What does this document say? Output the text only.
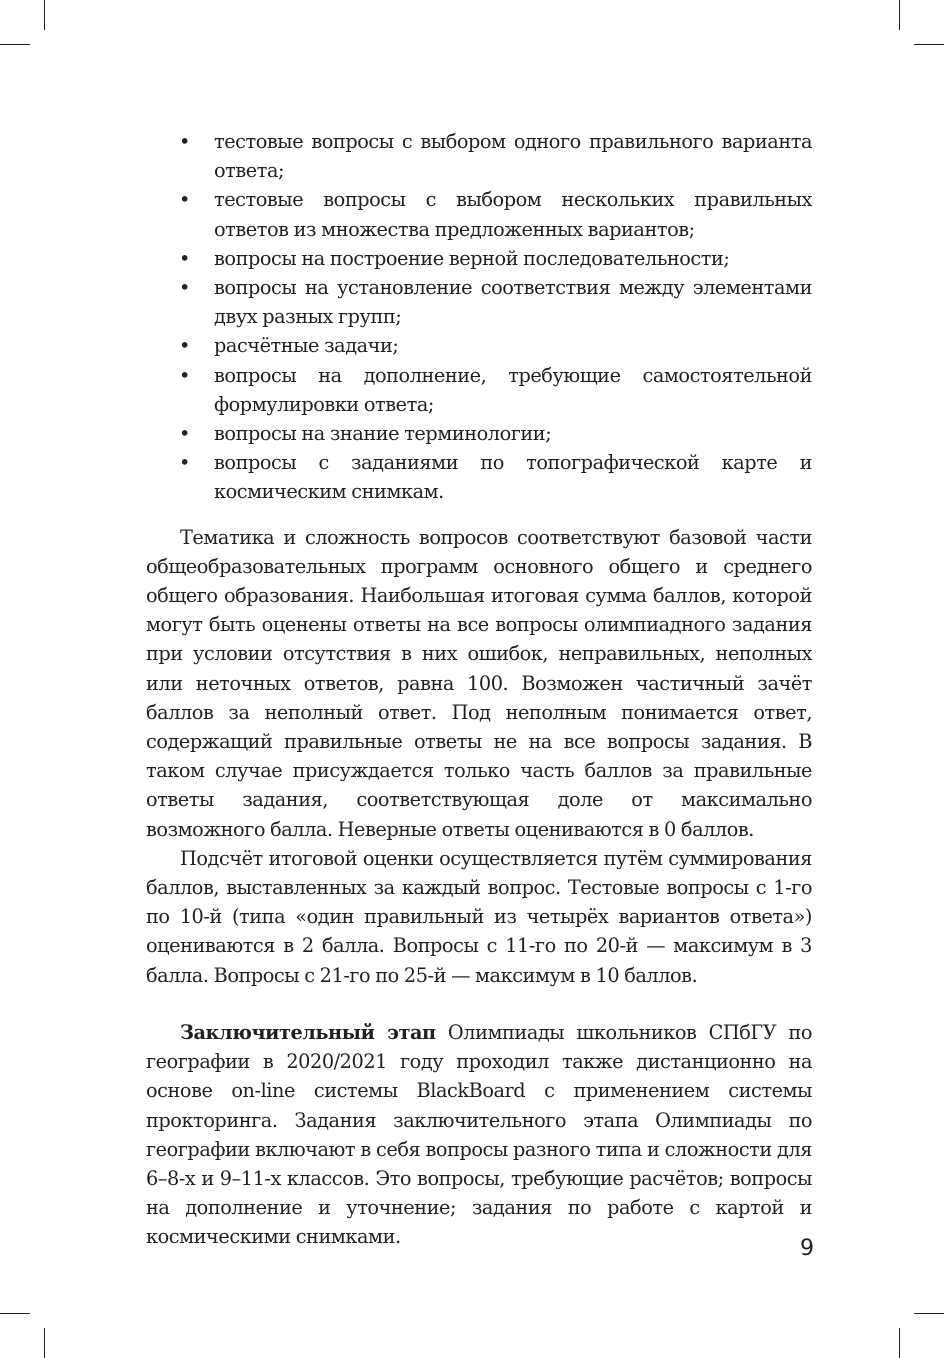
• тестовые вопросы с выбором одного правильного варианта ответа;
• тестовые вопросы с выбором нескольких правильных ответов из множества предложенных вариантов;
• вопросы на построение верной последовательности;
• вопросы на установление соответствия между элементами двух разных групп;
• расчётные задачи;
• вопросы на дополнение, требующие самостоятельной формулировки ответа;
• вопросы на знание терминологии;
• вопросы с заданиями по топографической карте и космическим снимкам.

Тематика и сложность вопросов соответствуют базовой части общеобразовательных программ основного общего и среднего общего образования. Наибольшая итоговая сумма баллов, которой могут быть оценены ответы на все вопросы олимпиадного задания при условии отсутствия в них ошибок, неправильных, неполных или неточных ответов, равна 100. Возможен частичный зачёт баллов за неполный ответ. Под неполным понимается ответ, содержащий правильные ответы не на все вопросы задания. В таком случае присуждается только часть баллов за правильные ответы задания, соответствующая доле от максимально возможного балла. Неверные ответы оцениваются в 0 баллов.

Подсчёт итоговой оценки осуществляется путём суммирования баллов, выставленных за каждый вопрос. Тестовые вопросы с 1-го по 10-й (типа «один правильный из четырёх вариантов ответа») оцениваются в 2 балла. Вопросы с 11-го по 20-й — максимум в 3 балла. Вопросы с 21-го по 25-й — максимум в 10 баллов.

Заключительный этап Олимпиады школьников СПбГУ по географии в 2020/2021 году проходил также дистанционно на основе on-line системы BlackBoard с применением системы прокторинга. Задания заключительного этапа Олимпиады по географии включают в себя вопросы разного типа и сложности для 6–8-х и 9–11-х классов. Это вопросы, требующие расчётов; вопросы на дополнение и уточнение; задания по работе с картой и космическими снимками.	9
